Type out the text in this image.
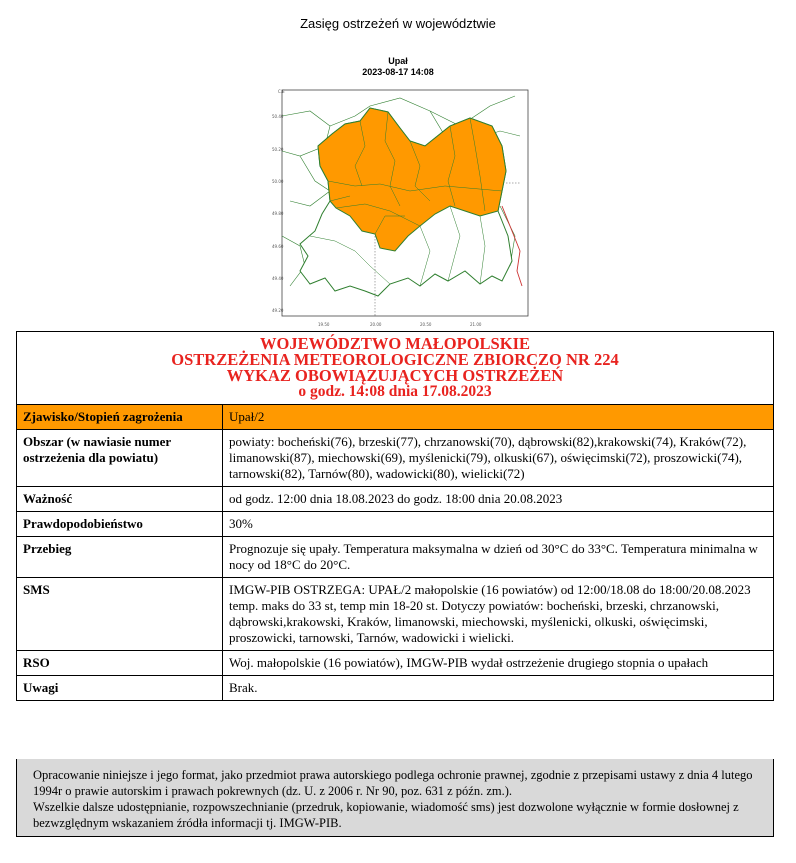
Zasięg ostrzeżeń w województwie
Upał
2023-08-17 14:08
C.E
50.40
50.20
50.00
49.80
49.60
49.40
49.20
19.50	20.00	20.50	21.00
WOJEWÓDZTWO MAŁOPOLSKIE
OSTRZEŻENIA METEOROLOGICZNE ZBIORCZO NR 224
WYKAZ OBOWIĄZUJĄCYCH OSTRZEŻEŃ
o godz. 14:08 dnia 17.08.2023	

Zjawisko/Stopień zagrożenia	Upał/2
Obszar (w nawiasie numer ostrzeżenia dla powiatu)	powiaty: bocheński(76), brzeski(77), chrzanowski(70), dąbrowski(82),krakowski(74), Kraków(72), limanowski(87), miechowski(69), myślenicki(79), olkuski(67), oświęcimski(72), proszowicki(74), tarnowski(82), Tarnów(80), wadowicki(80), wielicki(72)
Ważność	od godz. 12:00 dnia 18.08.2023 do godz. 18:00 dnia 20.08.2023
Prawdopodobieństwo	30%
Przebieg	Prognozuje się upały. Temperatura maksymalna w dzień od 30°C do 33°C. Temperatura minimalna w nocy od 18°C do 20°C.
SMS	IMGW-PIB OSTRZEGA: UPAŁ/2 małopolskie (16 powiatów) od 12:00/18.08 do 18:00/20.08.2023 temp. maks do 33 st, temp min 18-20 st. Dotyczy powiatów: bocheński, brzeski, chrzanowski, dąbrowski,krakowski, Kraków, limanowski, miechowski, myślenicki, olkuski, oświęcimski, proszowicki, tarnowski, Tarnów, wadowicki i wielicki.
RSO	Woj. małopolskie (16 powiatów), IMGW-PIB wydał ostrzeżenie drugiego stopnia o upałach
Uwagi	Brak.

Opracowanie niniejsze i jego format, jako przedmiot prawa autorskiego podlega ochronie prawnej, zgodnie z przepisami ustawy z dnia 4 lutego 1994r o prawie autorskim i prawach pokrewnych (dz. U. z 2006 r. Nr 90, poz. 631 z późn. zm.).

Wszelkie dalsze udostępnianie, rozpowszechnianie (przedruk, kopiowanie, wiadomość sms) jest dozwolone wyłącznie w formie dosłownej z bezwzględnym wskazaniem źródła informacji tj. IMGW-PIB.
